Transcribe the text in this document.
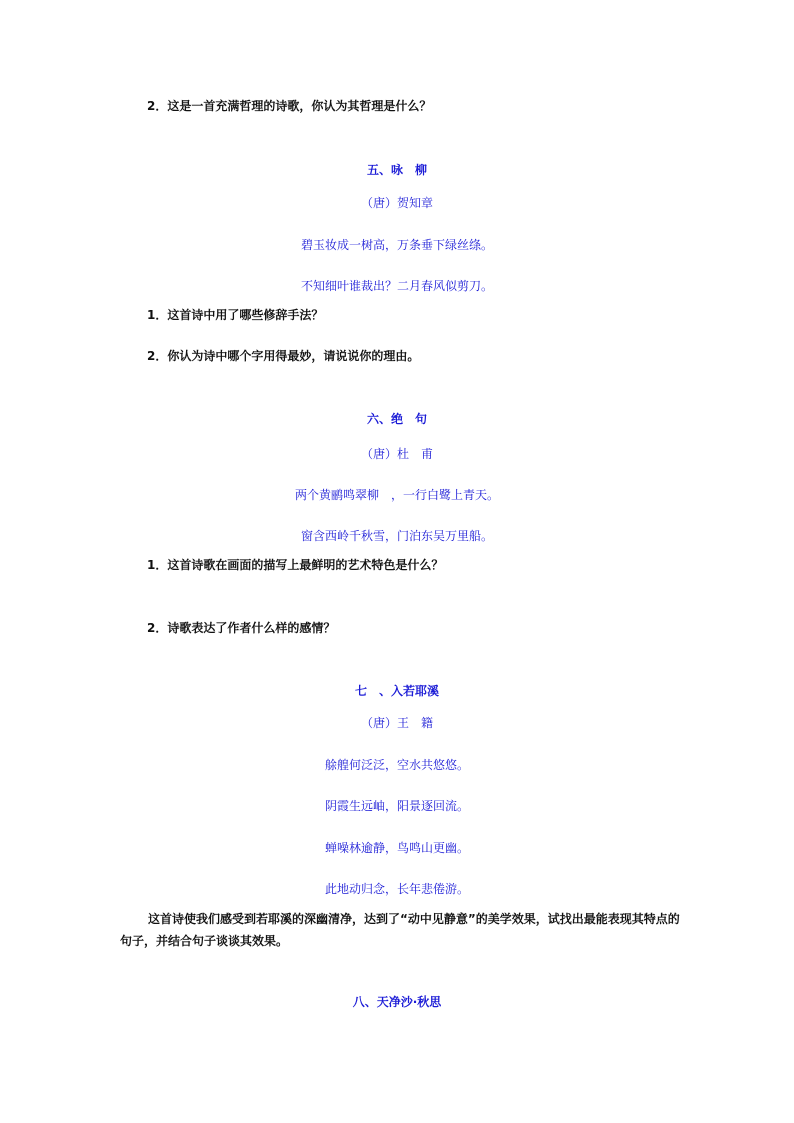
2．这是一首充满哲理的诗歌，你认为其哲理是什么？
五、咏　柳
（唐）贺知章
碧玉妆成一树高，万条垂下绿丝绦。
不知细叶谁裁出？二月春风似剪刀。
1．这首诗中用了哪些修辞手法？
2．你认为诗中哪个字用得最妙，请说说你的理由。
六、绝　句
（唐）杜　甫
两个黄鹂鸣翠柳　，一行白鹭上青天。
窗含西岭千秋雪，门泊东吴万里船。
1．这首诗歌在画面的描写上最鲜明的艺术特色是什么？
2．诗歌表达了作者什么样的感情？
七　、入若耶溪
（唐）王　籍
艅艎何泛泛，空水共悠悠。
阴霞生远岫，阳景逐回流。
蝉噪林逾静，鸟鸣山更幽。
此地动归念，长年悲倦游。
这首诗使我们感受到若耶溪的深幽清净，达到了“动中见静意”的美学效果，试找出最能表现其特点的句子，并结合句子谈谈其效果。
八、天净沙·秋思
